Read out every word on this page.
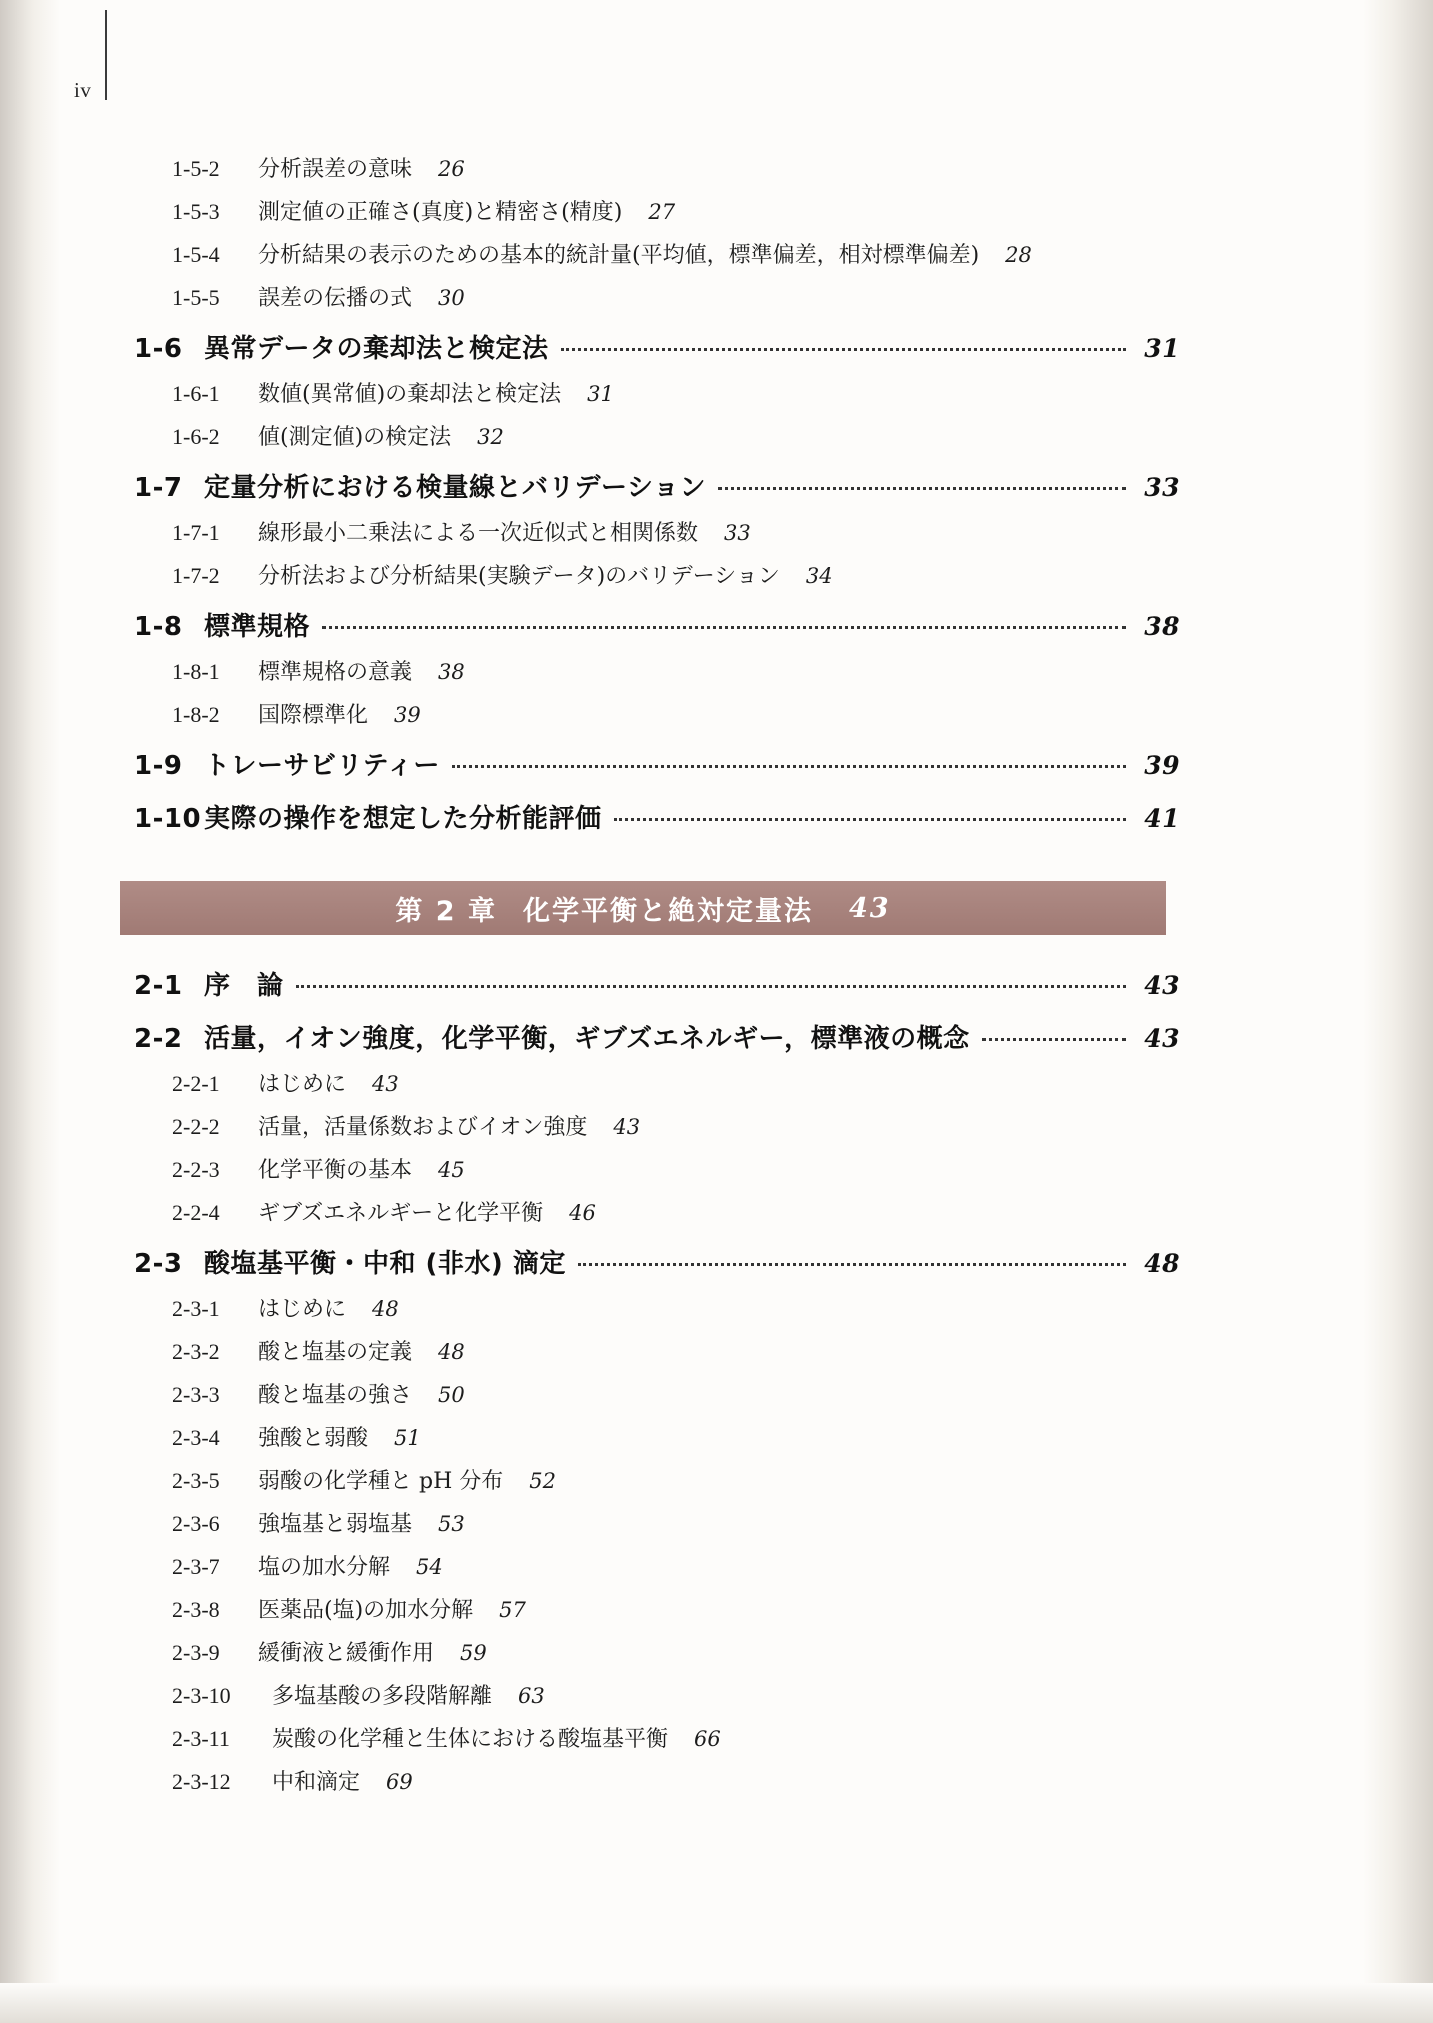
iv
1-5-2	分析誤差の意味 26
1-5-3	測定値の正確さ(真度)と精密さ(精度) 27
1-5-4	分析結果の表示のための基本的統計量(平均値，標準偏差，相対標準偏差) 28
1-5-5	誤差の伝播の式 30
1-6 異常データの棄却法と検定法	31
1-6-1	数値(異常値)の棄却法と検定法 31
1-6-2	値(測定値)の検定法 32
1-7 定量分析における検量線とバリデーション	33
1-7-1	線形最小二乗法による一次近似式と相関係数 33
1-7-2	分析法および分析結果(実験データ)のバリデーション 34
1-8 標準規格	38
1-8-1	標準規格の意義 38
1-8-2	国際標準化 39
1-9 トレーサビリティー	39
1-10 実際の操作を想定した分析能評価	41
第 2 章 化学平衡と絶対定量法 43
2-1 序　論	43
2-2 活量，イオン強度，化学平衡，ギブズエネルギー，標準液の概念	43
2-2-1	はじめに 43
2-2-2	活量，活量係数およびイオン強度 43
2-2-3	化学平衡の基本 45
2-2-4	ギブズエネルギーと化学平衡 46
2-3 酸塩基平衡・中和 (非水) 滴定	48
2-3-1	はじめに 48
2-3-2	酸と塩基の定義 48
2-3-3	酸と塩基の強さ 50
2-3-4	強酸と弱酸 51
2-3-5	弱酸の化学種と pH 分布 52
2-3-6	強塩基と弱塩基 53
2-3-7	塩の加水分解 54
2-3-8	医薬品(塩)の加水分解 57
2-3-9	緩衝液と緩衝作用 59
2-3-10	多塩基酸の多段階解離 63
2-3-11	炭酸の化学種と生体における酸塩基平衡 66
2-3-12	中和滴定 69
